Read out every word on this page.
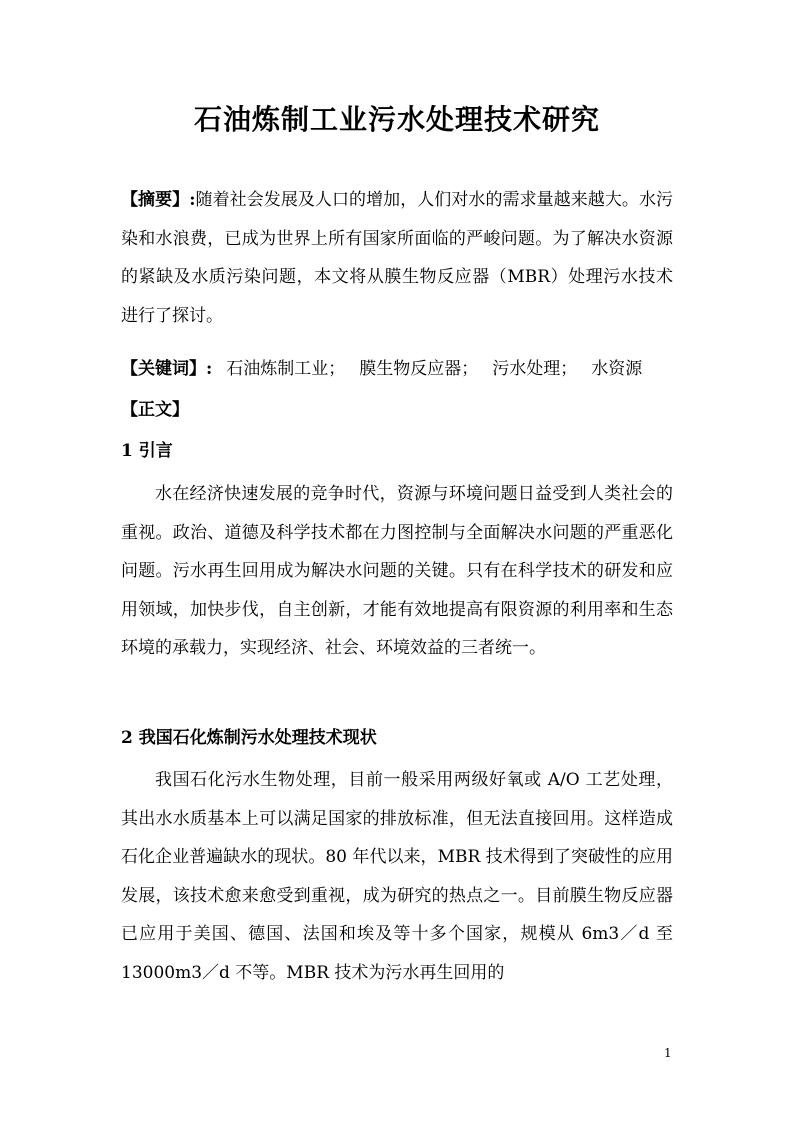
石油炼制工业污水处理技术研究
【摘要】:随着社会发展及人口的增加，人们对水的需求量越来越大。水污染和水浪费，已成为世界上所有国家所面临的严峻问题。为了解决水资源的紧缺及水质污染问题，本文将从膜生物反应器（MBR）处理污水技术进行了探讨。
【关键词】: 石油炼制工业； 膜生物反应器； 污水处理； 水资源
【正文】
1 引言
水在经济快速发展的竞争时代，资源与环境问题日益受到人类社会的重视。政治、道德及科学技术都在力图控制与全面解决水问题的严重恶化问题。污水再生回用成为解决水问题的关键。只有在科学技术的研发和应用领域，加快步伐，自主创新，才能有效地提高有限资源的利用率和生态环境的承载力，实现经济、社会、环境效益的三者统一。
2 我国石化炼制污水处理技术现状
我国石化污水生物处理，目前一般采用两级好氧或 A/O 工艺处理，其出水水质基本上可以满足国家的排放标准，但无法直接回用。这样造成石化企业普遍缺水的现状。80 年代以来，MBR 技术得到了突破性的应用发展，该技术愈来愈受到重视，成为研究的热点之一。目前膜生物反应器已应用于美国、德国、法国和埃及等十多个国家，规模从 6m3／d 至 13000m3／d 不等。MBR 技术为污水再生回用的
1
